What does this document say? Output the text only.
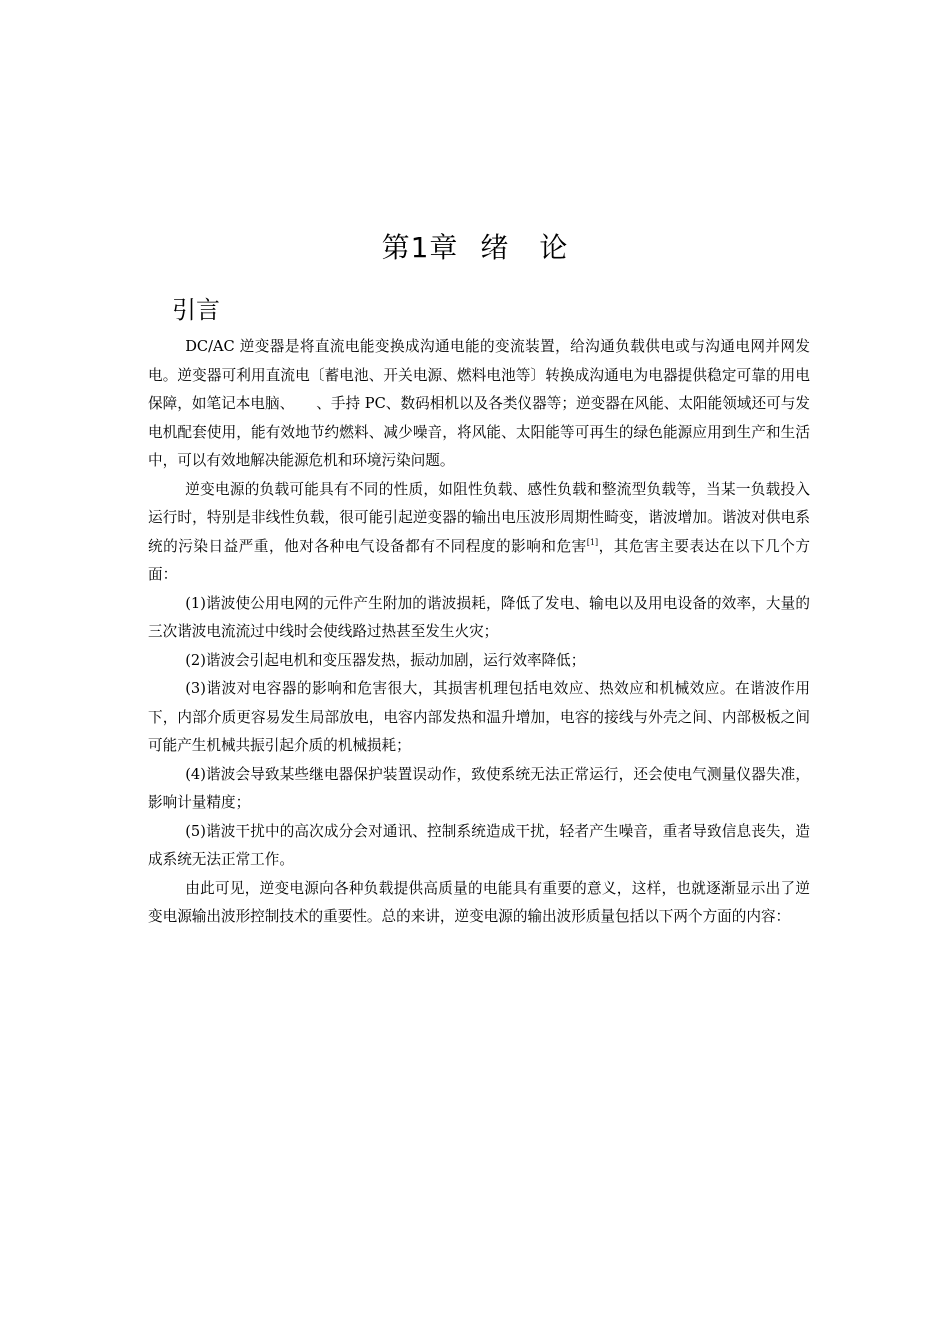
第1章 绪 论
引言

DC/AC 逆变器是将直流电能变换成沟通电能的变流装置，给沟通负载供电或与沟通电网并网发电。逆变器可利用直流电〔蓄电池、开关电源、燃料电池等〕转换成沟通电为电器提供稳定可靠的用电保障，如笔记本电脑、　　、手持 PC、数码相机以及各类仪器等；逆变器在风能、太阳能领域还可与发电机配套使用，能有效地节约燃料、减少噪音，将风能、太阳能等可再生的绿色能源应用到生产和生活中，可以有效地解决能源危机和环境污染问题。

逆变电源的负载可能具有不同的性质，如阻性负载、感性负载和整流型负载等，当某一负载投入运行时，特别是非线性负载，很可能引起逆变器的输出电压波形周期性畸变，谐波增加。谐波对供电系统的污染日益严重，他对各种电气设备都有不同程度的影响和危害[1]，其危害主要表达在以下几个方面：

(1)谐波使公用电网的元件产生附加的谐波损耗，降低了发电、输电以及用电设备的效率，大量的三次谐波电流流过中线时会使线路过热甚至发生火灾；

(2)谐波会引起电机和变压器发热，振动加剧，运行效率降低；

(3)谐波对电容器的影响和危害很大，其损害机理包括电效应、热效应和机械效应。在谐波作用下，内部介质更容易发生局部放电，电容内部发热和温升增加，电容的接线与外壳之间、内部极板之间可能产生机械共振引起介质的机械损耗；

(4)谐波会导致某些继电器保护装置误动作，致使系统无法正常运行，还会使电气测量仪器失准，影响计量精度；

(5)谐波干扰中的高次成分会对通讯、控制系统造成干扰，轻者产生噪音，重者导致信息丧失，造成系统无法正常工作。

由此可见，逆变电源向各种负载提供高质量的电能具有重要的意义，这样，也就逐渐显示出了逆变电源输出波形控制技术的重要性。总的来讲，逆变电源的输出波形质量包括以下两个方面的内容：
